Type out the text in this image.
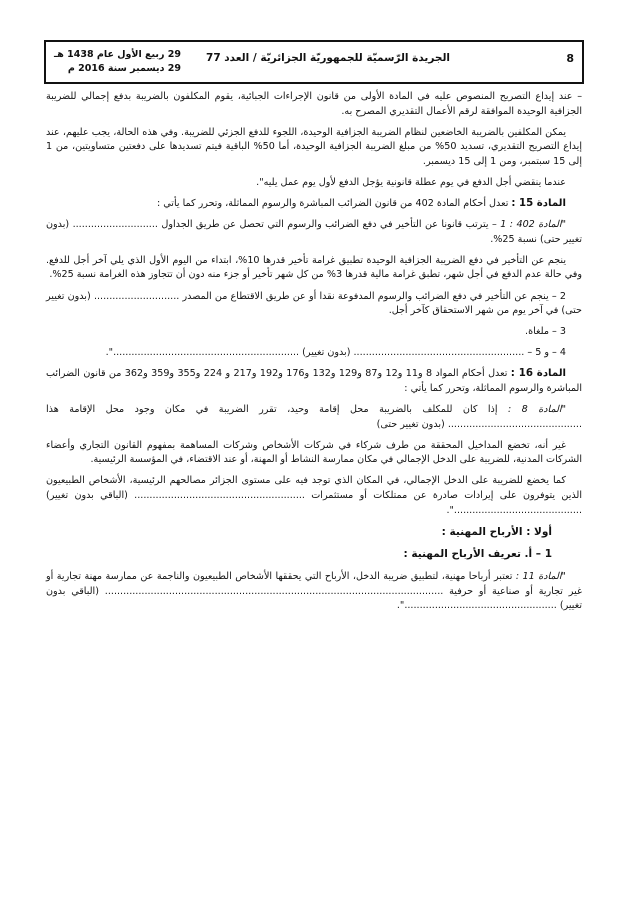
8
الجريدة الرّسميّة للجمهوريّة الجزائريّة / العدد 77
29 ربيع الأول عام 1438 هـ
29 ديسمبر سنة 2016 م

– عند إيداع التصريح المنصوص عليه في المادة الأولى من قانون الإجراءات الجبائية، يقوم المكلفون بالضريبة بدفع إجمالي للضريبة الجزافية الوحيدة الموافقة لرقم الأعمال التقديري المصرح به.

يمكن المكلفين بالضريبة الخاضعين لنظام الضريبة الجزافية الوحيدة، اللجوء للدفع الجزئي للضريبة. وفي هذه الحالة، يجب عليهم، عند إيداع التصريح التقديري، تسديد 50% من مبلغ الضريبة الجزافية الوحيدة، أما 50% الباقية فيتم تسديدها على دفعتين متساويتين، من 1 إلى 15 سبتمبر، ومن 1 إلى 15 ديسمبر.

عندما ينقضي أجل الدفع في يوم عطلة قانونية يؤجل الدفع لأول يوم عمل يليه".

المادة 15 : تعدل أحكام المادة 402 من قانون الضرائب المباشرة والرسوم المماثلة، وتحرر كما يأتي :

"المادة 402 : 1 – يترتب قانونا عن التأخير في دفع الضرائب والرسوم التي تحصل عن طريق الجداول ............................ (بدون تغيير حتى) نسبة 25%.

ينجم عن التأخير في دفع الضريبة الجزافية الوحيدة تطبيق غرامة تأخير قدرها 10%، ابتداء من اليوم الأول الذي يلي آخر أجل للدفع. وفي حالة عدم الدفع في أجل شهر، تطبق غرامة مالية قدرها 3% من كل شهر تأخير أو جزء منه دون أن تتجاوز هذه الغرامة نسبة 25%.

2 – ينجم عن التأخير في دفع الضرائب والرسوم المدفوعة نقدا أو عن طريق الاقتطاع من المصدر ............................ (بدون تغيير حتى) في آخر يوم من شهر الاستحقاق كآخر أجل.

3 – ملغاة.

4 – و 5 – ........................................................ (بدون تغيير) .............................................................".

المادة 16 : تعدل أحكام المواد 8 و11 و12 و87 و129 و132 و176 و192 و217 و 224 و355 و359 و362 من قانون الضرائب المباشرة والرسوم المماثلة، وتحرر كما يأتي :

"المادة 8 : إذا كان للمكلف بالضريبة محل إقامة وحيد، تقرر الضريبة في مكان وجود محل الإقامة هذا ............................................ (بدون تغيير حتى)

غير أنه، تخضع المداخيل المحققة من طرف شركاء في شركات الأشخاص وشركات المساهمة بمفهوم القانون التجاري وأعضاء الشركات المدنية، للضريبة على الدخل الإجمالي في مكان ممارسة النشاط أو المهنة، أو عند الاقتضاء، في المؤسسة الرئيسية.

كما يخضع للضريبة على الدخل الإجمالي، في المكان الذي توجد فيه على مستوى الجزائر مصالحهم الرئيسية، الأشخاص الطبيعيون الذين يتوفرون على إيرادات صادرة عن ممتلكات أو مستثمرات ........................................................ (الباقي بدون تغيير) ..........................................".

أولا : الأرباح المهنية :

1 – أ. تعريف الأرباح المهنية :

"المادة 11 : تعتبر أرباحا مهنية، لتطبيق ضريبة الدخل، الأرباح التي يحققها الأشخاص الطبيعيون والناجمة عن ممارسة مهنة تجارية أو غير تجارية أو صناعية أو حرفية ............................................................................................................... (الباقي بدون تغيير) ..................................................".
